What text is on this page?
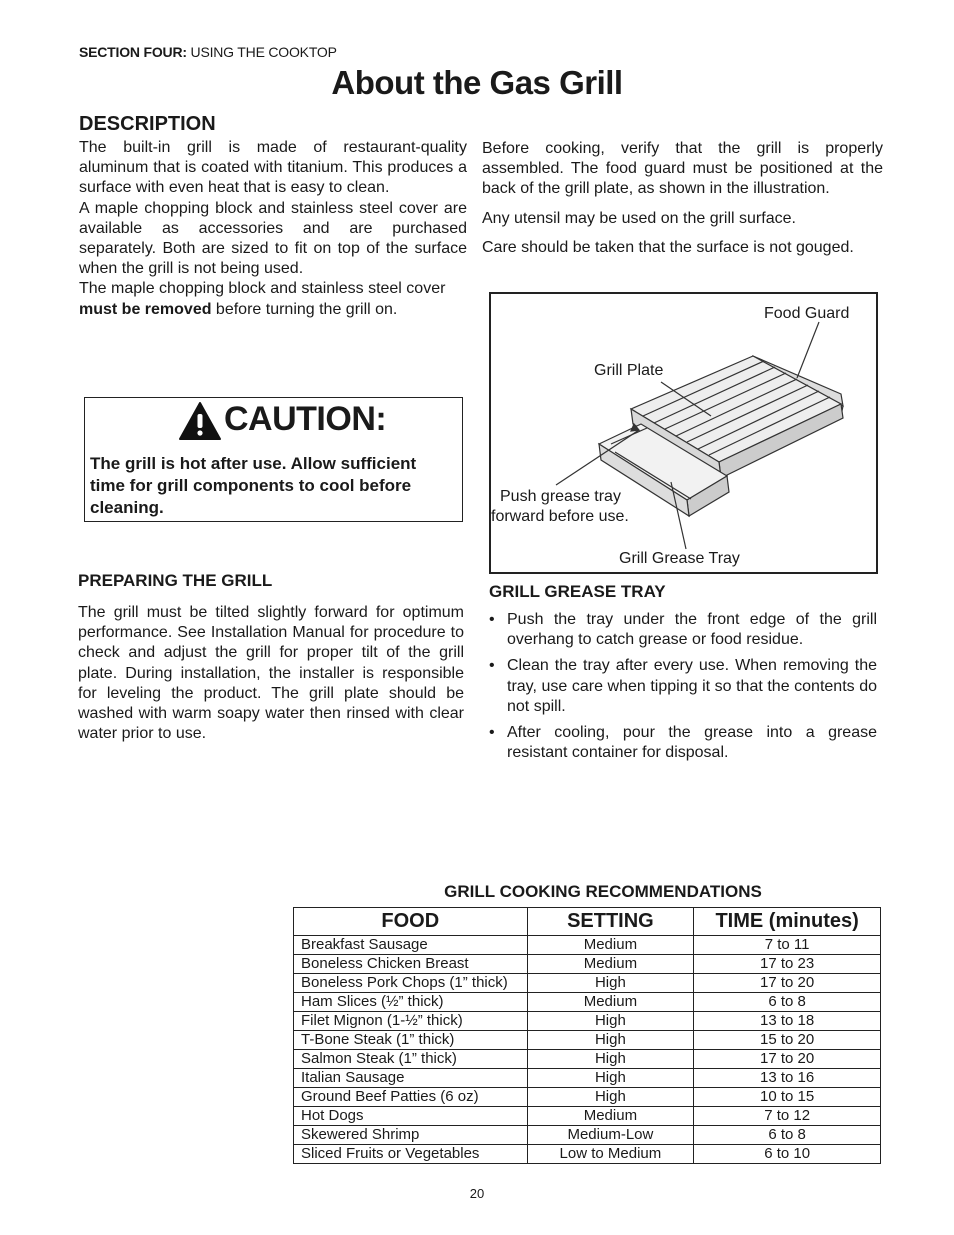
SECTION FOUR: USING THE COOKTOP
About the Gas Grill
DESCRIPTION

The built-in grill is made of restaurant-quality aluminum that is coated with titanium. This produces a surface with even heat that is easy to clean.

A maple chopping block and stainless steel cover are available as accessories and are purchased separately. Both are sized to fit on top of the surface when the grill is not being used.

The maple chopping block and stainless steel cover must be removed before turning the grill on.

Before cooking, verify that the grill is properly assembled. The food guard must be positioned at the back of the grill plate, as shown in the illustration.

Any utensil may be used on the grill surface.

Care should be taken that the surface is not gouged.

CAUTION:
The grill is hot after use. Allow sufficient time for grill components to cool before cleaning.
Food Guard
Grill Plate
Push grease tray
forward before use.
Grill Grease Tray
PREPARING THE GRILL
The grill must be tilted slightly forward for optimum performance. See Installation Manual for procedure to check and adjust the grill for proper tilt of the grill plate. During installation, the installer is responsible for leveling the product. The grill plate should be washed with warm soapy water then rinsed with clear water prior to use.
GRILL GREASE TRAY
• Push the tray under the front edge of the grill overhang to catch grease or food residue.
• Clean the tray after every use. When removing the tray, use care when tipping it so that the contents do not spill.
• After cooling, pour the grease into a grease resistant container for disposal.
GRILL COOKING RECOMMENDATIONS
FOOD	SETTING	TIME (minutes)
Breakfast Sausage	Medium	7 to 11
Boneless Chicken Breast	Medium	17 to 23
Boneless Pork Chops (1” thick)	High	17 to 20
Ham Slices (½” thick)	Medium	6 to 8
Filet Mignon (1-½” thick)	High	13 to 18
T-Bone Steak (1” thick)	High	15 to 20
Salmon Steak (1” thick)	High	17 to 20
Italian Sausage	High	13 to 16
Ground Beef Patties (6 oz)	High	10 to 15
Hot Dogs	Medium	7 to 12
Skewered Shrimp	Medium-Low	6 to 8
Sliced Fruits or Vegetables	Low to Medium	6 to 10
20
